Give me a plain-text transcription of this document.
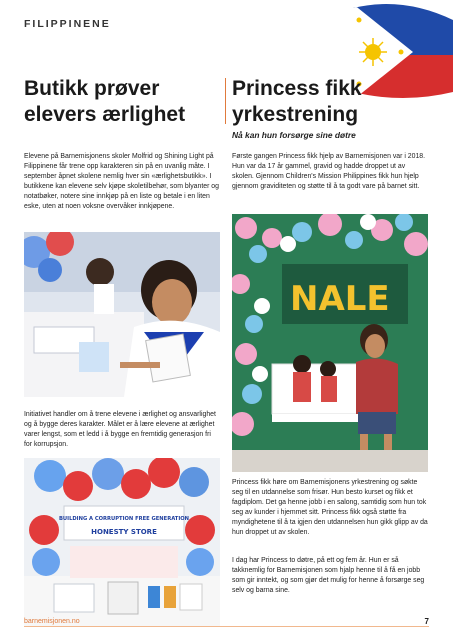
FILIPPINENE
Butikk prøver elevers ærlighet
Princess fikk yrkestrening
Nå kan hun forsørge sine døtre
Elevene på Barnemisjonens skoler Molfrid og Shining Light på Filippinene får trene opp karakteren sin på en uvanlig måte. I september åpnet skolene nemlig hver sin «ærlighetsbutikk». I butikkene kan elevene selv kjøpe skoletilbehør, som blyanter og notatbøker, notere sine innkjøp på en liste og betale i en liten eske, uten at noen voksne overvåker innkjøpene.
Første gangen Princess fikk hjelp av Barnemisjonen var i 2018. Hun var da 17 år gammel, gravid og hadde droppet ut av skolen. Gjennom Children's Mission Philippines fikk hun hjelp gjennom graviditeten og støtte til å ta godt vare på barnet sitt.
NALE
Initiativet handler om å trene elevene i ærlighet og ansvarlighet og å bygge deres karakter. Målet er å lære elevene at ærlighet varer lengst, som et ledd i å bygge en fremtidig generasjon fri for korrupsjon.
BUILDING A CORRUPTION FREE GENERATION
HONESTY STORE
Princess fikk høre om Barnemisjonens yrkestrening og søkte seg til en utdannelse som frisør. Hun besto kurset og fikk et fagdiplom. Det ga henne jobb i en salong, samtidig som hun tok seg av kunder i hjemmet sitt. Princess fikk også støtte fra myndighetene til å ta igjen den utdannelsen hun gikk glipp av da hun droppet ut av skolen.
I dag har Princess to døtre, på ett og fem år. Hun er så takknemlig for Barnemisjonen som hjalp henne til å få en jobb som gir inntekt, og som gjør det mulig for henne å forsørge seg selv og barna sine.
barnemisjonen.no	7
